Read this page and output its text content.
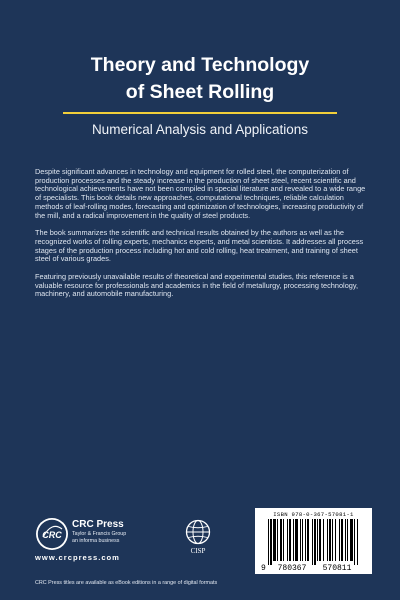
Theory and Technology
of Sheet Rolling
Numerical Analysis and Applications

Despite significant advances in technology and equipment for rolled steel, the computerization of production processes and the steady increase in the production of sheet steel, recent scientific and technological achievements have not been compiled in special literature and revealed to a wide range of specialists. This book details new approaches, computational techniques, reliable calculation methods of leaf-rolling modes, forecasting and optimization of technologies, increasing productivity of the mill, and a radical improvement in the quality of steel products.

The book summarizes the scientific and technical results obtained by the authors as well as the recognized works of rolling experts, mechanics experts, and metal scientists. It addresses all process stages of the production process including hot and cold rolling, heat treatment, and training of sheet steel of various grades.

Featuring previously unavailable results of theoretical and experimental studies, this reference is a valuable resource for professionals and academics in the field of metallurgy, processing technology, machinery, and automobile manufacturing.

CRC
CRC Press
Taylor & Francis Group
an informa business
www.crcpress.com
CISP
ISBN 978-0-367-57081-1
9 780367 570811
CRC Press titles are available as eBook editions in a range of digital formats
